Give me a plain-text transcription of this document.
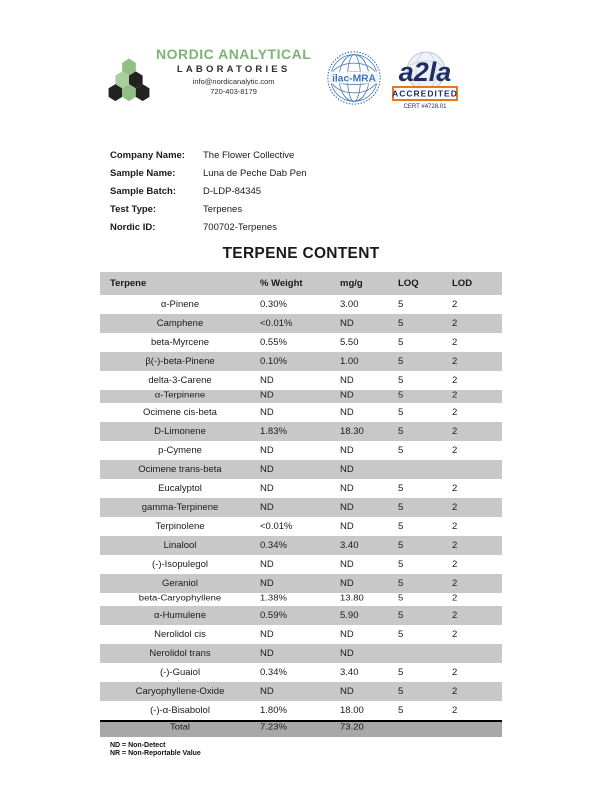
NORDIC ANALYTICAL
LABORATORIES
info@nordicanalytic.com
720-403-8179
ilac-MRA a2la
ACCREDITED
CERT #4728.01
Company Name:	The Flower Collective
Sample Name:	Luna de Peche Dab Pen
Sample Batch:	D-LDP-84345
Test Type:	Terpenes
Nordic ID:	700702-Terpenes
TERPENE CONTENT
Terpene	% Weight	mg/g	LOQ	LOD
α-Pinene	0.30%	3.00	5	2
Camphene	<0.01%	ND	5	2
beta-Myrcene	0.55%	5.50	5	2
β(-)-beta-Pinene	0.10%	1.00	5	2
delta-3-Carene	ND	ND	5	2
α-Terpinene	ND	ND	5	2
Ocimene cis-beta	ND	ND	5	2
D-Limonene	1.83%	18.30	5	2
p-Cymene	ND	ND	5	2
Ocimene trans-beta	ND	ND
Eucalyptol	ND	ND	5	2
gamma-Terpinene	ND	ND	5	2
Terpinolene	<0.01%	ND	5	2
Linalool	0.34%	3.40	5	2
(-)-Isopulegol	ND	ND	5	2
Geraniol	ND	ND	5	2
beta-Caryophyllene	1.38%	13.80	5	2
α-Humulene	0.59%	5.90	5	2
Nerolidol cis	ND	ND	5	2
Nerolidol trans	ND	ND
(-)-Guaiol	0.34%	3.40	5	2
Caryophyllene-Oxide	ND	ND	5	2
(-)-α-Bisabolol	1.80%	18.00	5	2
Total	7.23%	73.20
ND = Non-Detect
NR = Non-Reportable Value
